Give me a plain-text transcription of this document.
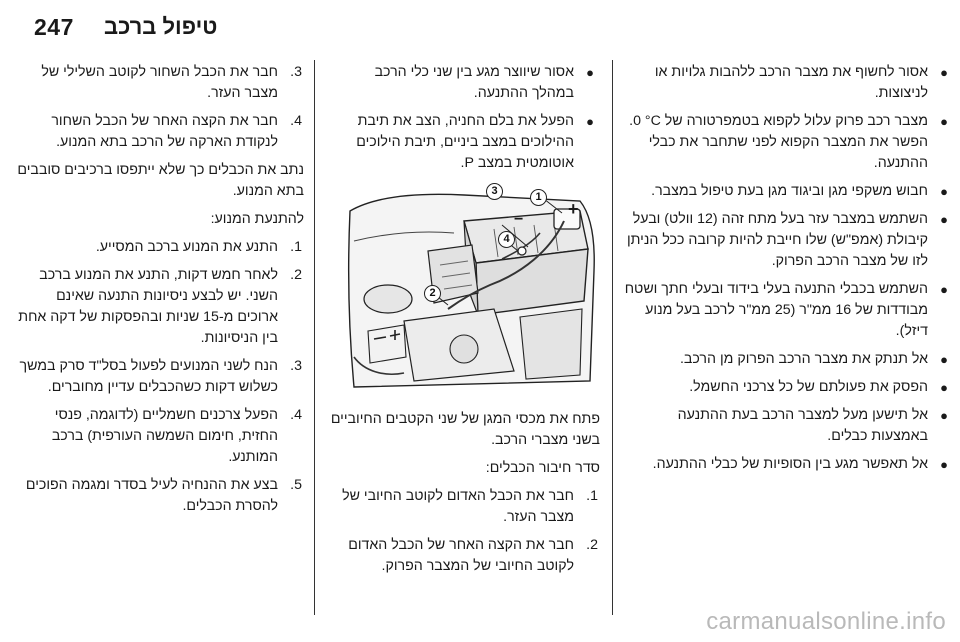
247 טיפול ברכב
● אסור לחשוף את מצבר הרכב ללהבות גלויות או לניצוצות.
● מצבר רכב פרוק עלול לקפוא בטמפרטורה של ‎0 °C‏. הפשר את המצבר הקפוא לפני שתחבר את כבלי ההתנעה.
● חבוש משקפי מגן וביגוד מגן בעת טיפול במצבר.
● השתמש במצבר עזר בעל מתח זהה (12 וולט) ובעל קיבולת (אמפ"ש) שלו חייבת להיות קרובה ככל הניתן לזו של מצבר הרכב הפרוק.
● השתמש בכבלי התנעה בעלי בידוד ובעלי חתך ושטח מבודדות של 16 ממ"ר (25 ממ"ר לרכב בעל מנוע דיזל).
● אל תנתק את מצבר הרכב הפרוק מן הרכב.
● הפסק את פעולתם של כל צרכני החשמל.
● אל תישען מעל למצבר הרכב בעת ההתנעה באמצעות כבלים.
● אל תאפשר מגע בין הסופיות של כבלי ההתנעה.
● אסור שיווצר מגע בין שני כלי הרכב במהלך ההתנעה.
● הפעל את בלם החניה, הצב את תיבת ההילוכים במצב ביניים, תיבת הילוכים אוטומטית במצב P.
1
3
4
2
+
−

פתח את מכסי המגן של שני הקטבים החיוביים בשני מצברי הרכב.

סדר חיבור הכבלים:

1.
חבר את הכבל האדום לקוטב החיובי של מצבר העזר.
2.
חבר את הקצה האחר של הכבל האדום לקוטב החיובי של המצבר הפרוק.
3.
חבר את הכבל השחור לקוטב השלילי של מצבר העזר.
4.
חבר את הקצה האחר של הכבל השחור לנקודת הארקה של הרכב בתא המנוע.

נתב את הכבלים כך שלא ייתפסו ברכיבים סובבים בתא המנוע.

להתנעת המנוע:

1.
התנע את המנוע ברכב המסייע.
2.
לאחר חמש דקות, התנע את המנוע ברכב השני. יש לבצע ניסיונות התנעה שאינם ארוכים מ-15 שניות ובהפסקות של דקה אחת בין הניסיונות.
3.
הנח לשני המנועים לפעול בסל"ד סרק במשך כשלוש דקות כשהכבלים עדיין מחוברים.
4.
הפעל צרכנים חשמליים (לדוגמה, פנסי החזית, חימום השמשה העורפית) ברכב המותנע.
5.
בצע את ההנחיה לעיל בסדר ומגמה הפוכים להסרת הכבלים.
carmanualsonline.info
